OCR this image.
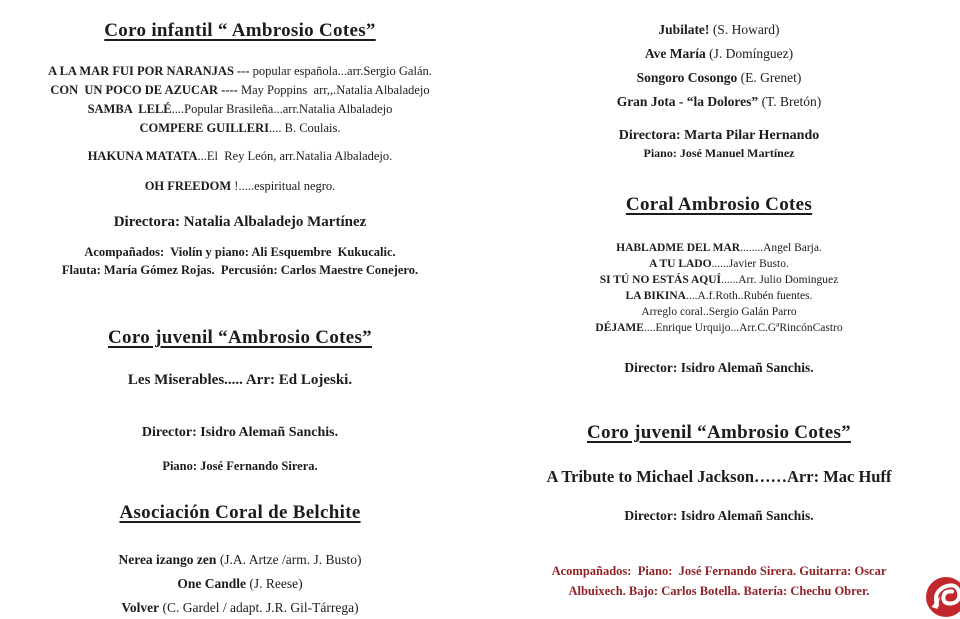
Coro infantil “ Ambrosio Cotes”
A LA MAR FUI POR NARANJAS --- popular española...arr.Sergio Galán.
CON  UN POCO DE AZUCAR ---- May Poppins  arr,,.Natalia Albaladejo
SAMBA  LELÉ....Popular Brasileña...arr.Natalia Albaladejo
COMPERE GUILLERI.... B. Coulais.
HAKUNA MATATA...El  Rey León, arr.Natalia Albaladejo.
OH FREEDOM !.....espiritual negro.
Directora: Natalia Albaladejo Martínez
Acompañados:  Violín y piano: Ali Esquembre  Kukucalic.
Flauta: María Gómez Rojas.  Percusión: Carlos Maestre Conejero.
Coro juvenil “Ambrosio Cotes”
Les Miserables..... Arr: Ed Lojeski.
Director: Isidro Alemañ Sanchis.
Piano: José Fernando Sirera.
Asociación Coral de Belchite
Nerea izango zen (J.A. Artze /arm. J. Busto)
One Candle (J. Reese)
Volver (C. Gardel / adapt. J.R. Gil-Tárrega)
Jubilate! (S. Howard)
Ave María (J. Domínguez)
Songoro Cosongo (E. Grenet)
Gran Jota - “la Dolores” (T. Bretón)
Directora: Marta Pilar Hernando
Piano: José Manuel Martínez
Coral Ambrosio Cotes
HABLADME DEL MAR........Angel Barja.
A TU LADO......Javier Busto.
SI TÚ NO ESTÁS AQUÍ......Arr. Julio Dominguez
LA BIKINA....A.f.Roth..Rubén fuentes.
Arreglo coral..Sergio Galán Parro
DÉJAME....Enrique Urquijo...Arr.C.GªRincónCastro
Director: Isidro Alemañ Sanchis.
Coro juvenil “Ambrosio Cotes”
A Tribute to Michael Jackson……Arr: Mac Huff
Director: Isidro Alemañ Sanchis.
Acompañados:  Piano:  José Fernando Sirera. Guitarra: Oscar
Albuixech. Bajo: Carlos Botella. Batería: Chechu Obrer.
